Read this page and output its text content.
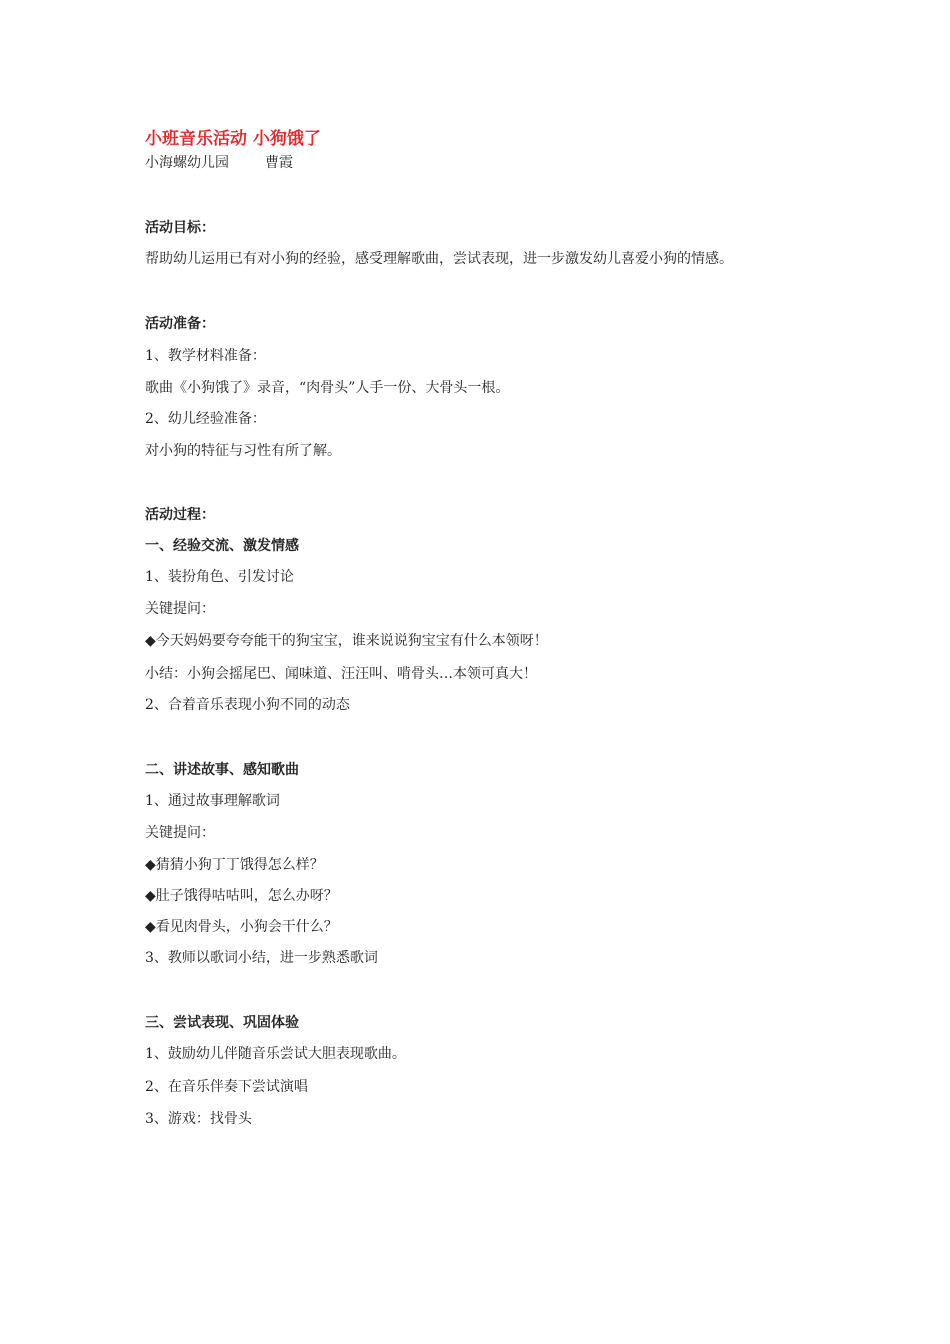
小班音乐活动 小狗饿了
小海螺幼儿园	曹霞
活动目标：
帮助幼儿运用已有对小狗的经验，感受理解歌曲，尝试表现，进一步激发幼儿喜爱小狗的情感。
活动准备：
1、教学材料准备：
歌曲《小狗饿了》录音，“肉骨头”人手一份、大骨头一根。
2、幼儿经验准备：
对小狗的特征与习性有所了解。
活动过程：
一、经验交流、激发情感
1、装扮角色、引发讨论
关键提问：
◆今天妈妈要夸夸能干的狗宝宝，谁来说说狗宝宝有什么本领呀！
小结：小狗会摇尾巴、闻味道、汪汪叫、啃骨头…本领可真大！
2、合着音乐表现小狗不同的动态
二、讲述故事、感知歌曲
1、通过故事理解歌词
关键提问：
◆猜猜小狗丁丁饿得怎么样？
◆肚子饿得咕咕叫，怎么办呀？
◆看见肉骨头，小狗会干什么？
3、教师以歌词小结，进一步熟悉歌词
三、尝试表现、巩固体验
1、鼓励幼儿伴随音乐尝试大胆表现歌曲。
2、在音乐伴奏下尝试演唱
3、游戏：找骨头
